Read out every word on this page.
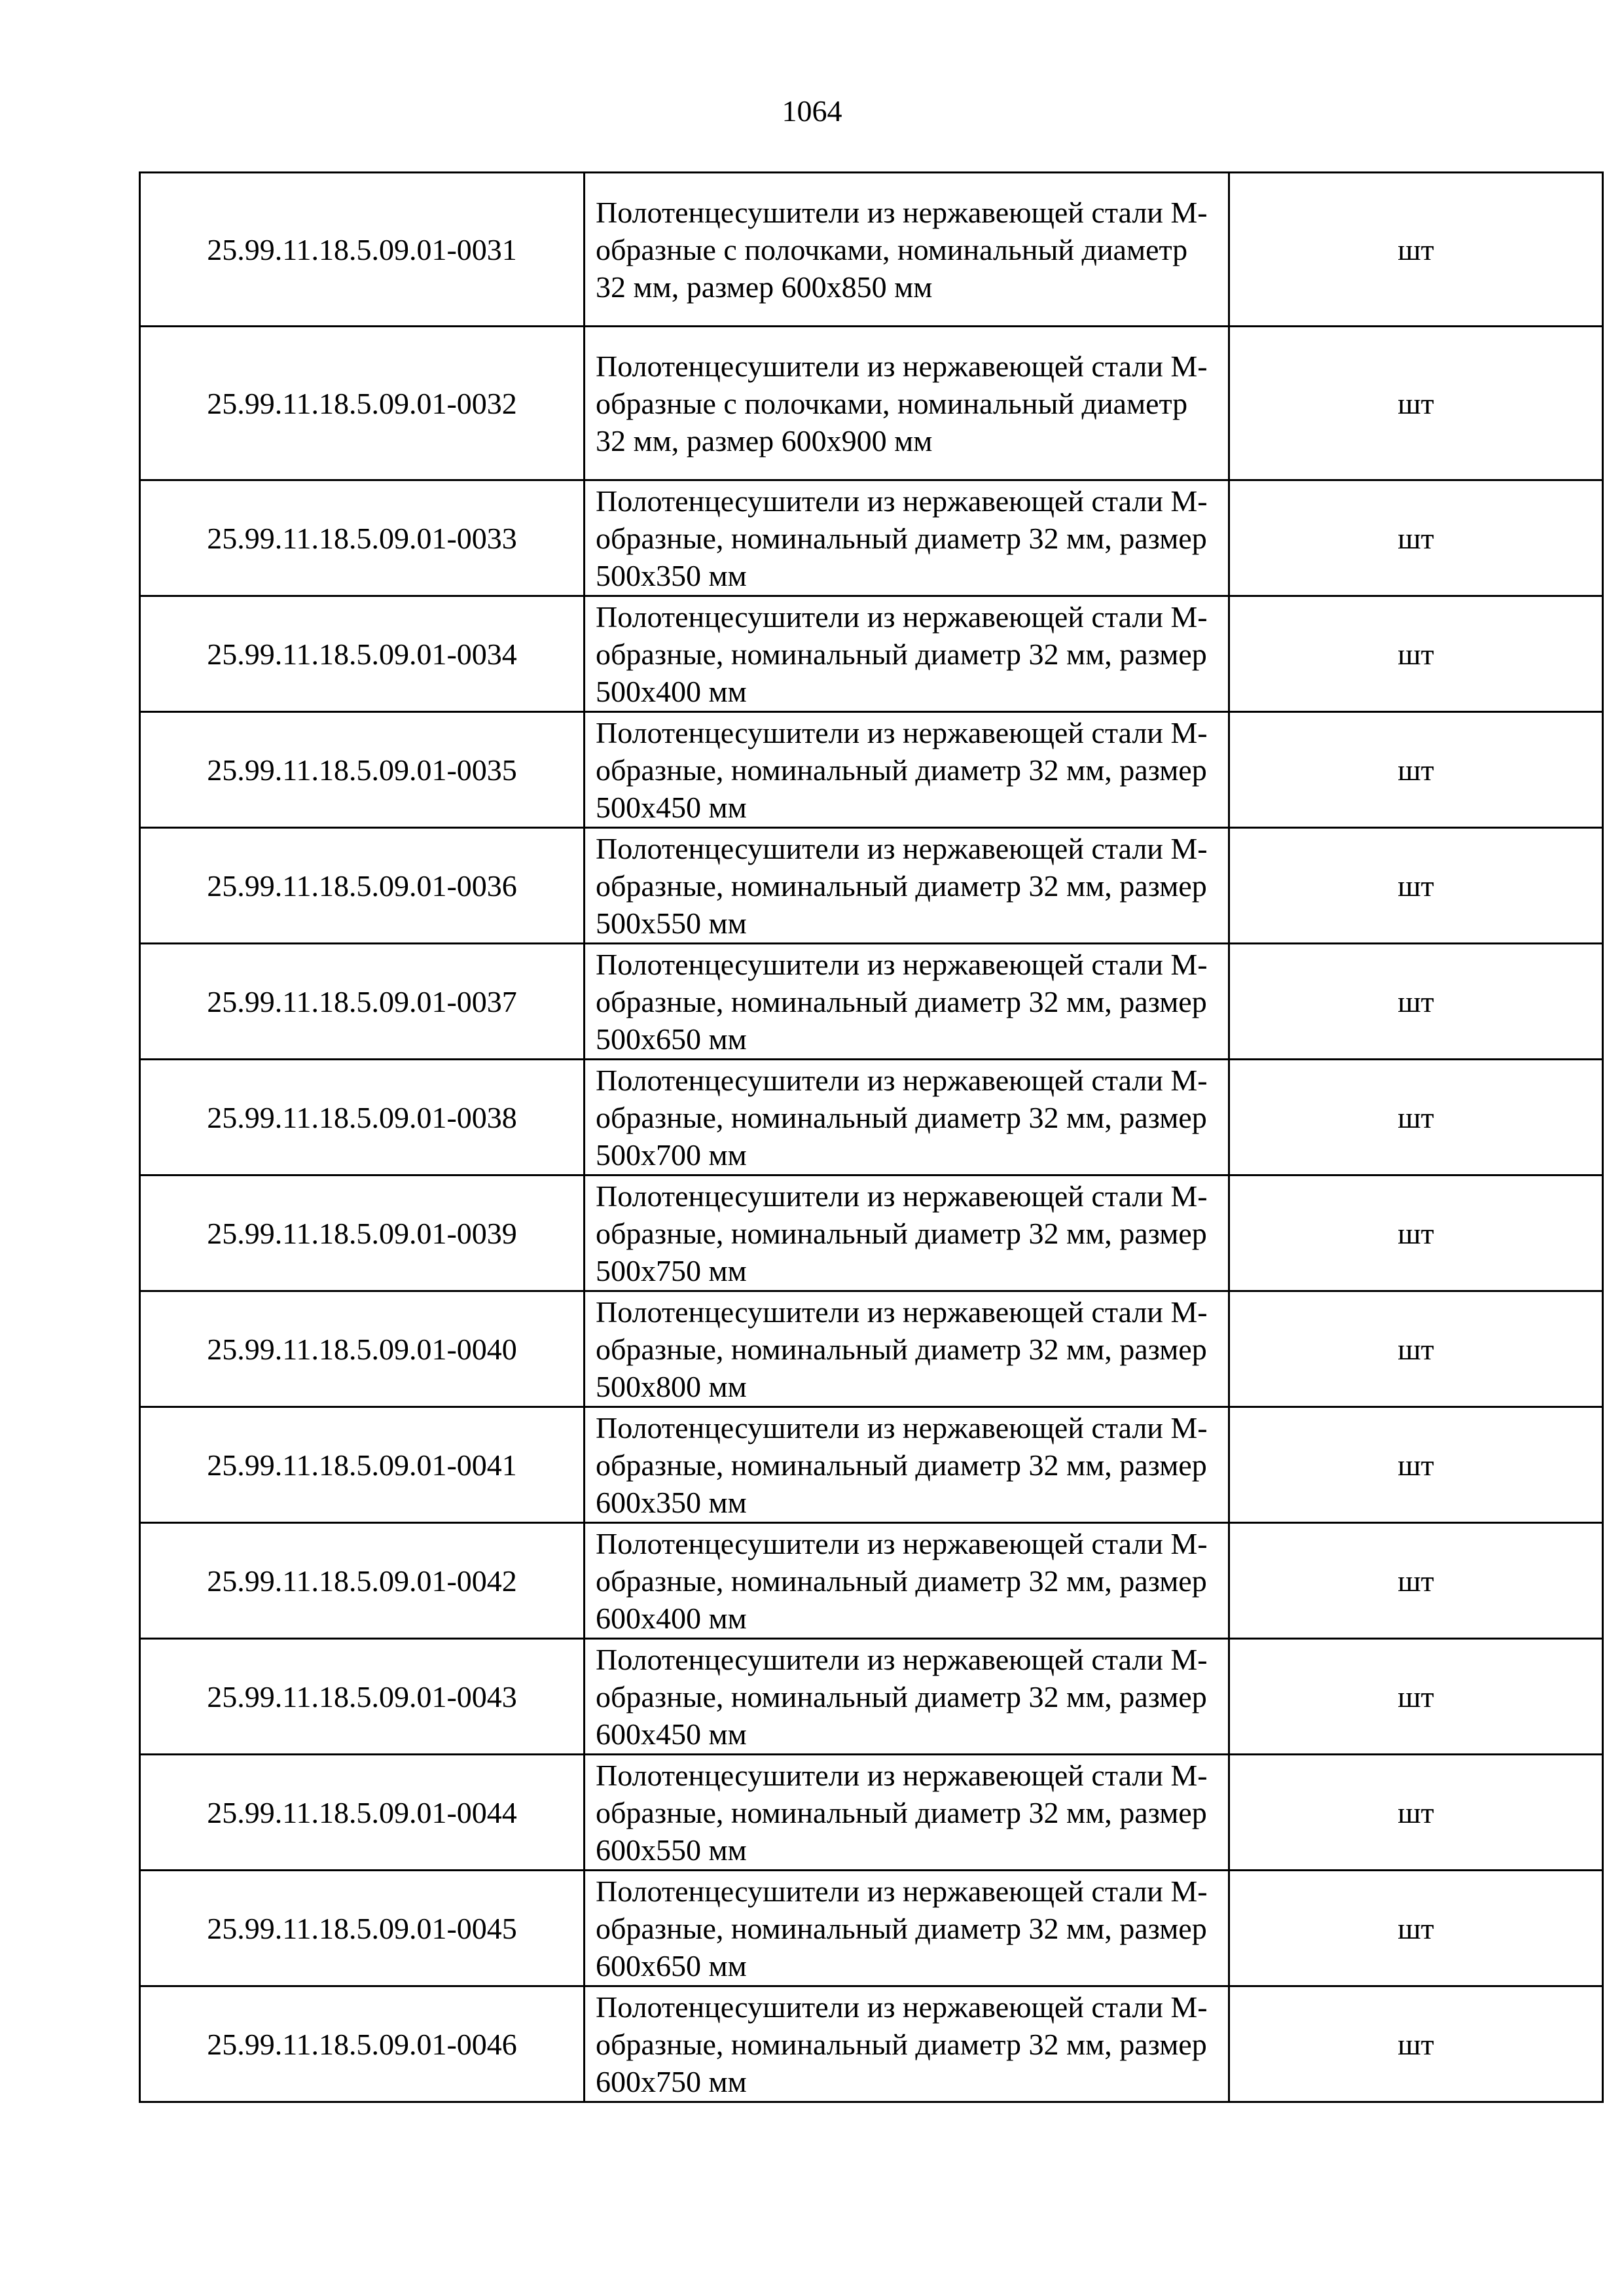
1064
25.99.11.18.5.09.01-0031	Полотенцесушители из нержавеющей стали М-образные с полочками, номинальный диаметр 32 мм, размер 600х850 мм	шт
25.99.11.18.5.09.01-0032	Полотенцесушители из нержавеющей стали М-образные с полочками, номинальный диаметр 32 мм, размер 600х900 мм	шт
25.99.11.18.5.09.01-0033	Полотенцесушители из нержавеющей стали М-образные, номинальный диаметр 32 мм, размер 500х350 мм	шт
25.99.11.18.5.09.01-0034	Полотенцесушители из нержавеющей стали М-образные, номинальный диаметр 32 мм, размер 500х400 мм	шт
25.99.11.18.5.09.01-0035	Полотенцесушители из нержавеющей стали М-образные, номинальный диаметр 32 мм, размер 500х450 мм	шт
25.99.11.18.5.09.01-0036	Полотенцесушители из нержавеющей стали М-образные, номинальный диаметр 32 мм, размер 500х550 мм	шт
25.99.11.18.5.09.01-0037	Полотенцесушители из нержавеющей стали М-образные, номинальный диаметр 32 мм, размер 500х650 мм	шт
25.99.11.18.5.09.01-0038	Полотенцесушители из нержавеющей стали М-образные, номинальный диаметр 32 мм, размер 500х700 мм	шт
25.99.11.18.5.09.01-0039	Полотенцесушители из нержавеющей стали М-образные, номинальный диаметр 32 мм, размер 500х750 мм	шт
25.99.11.18.5.09.01-0040	Полотенцесушители из нержавеющей стали М-образные, номинальный диаметр 32 мм, размер 500х800 мм	шт
25.99.11.18.5.09.01-0041	Полотенцесушители из нержавеющей стали М-образные, номинальный диаметр 32 мм, размер 600х350 мм	шт
25.99.11.18.5.09.01-0042	Полотенцесушители из нержавеющей стали М-образные, номинальный диаметр 32 мм, размер 600х400 мм	шт
25.99.11.18.5.09.01-0043	Полотенцесушители из нержавеющей стали М-образные, номинальный диаметр 32 мм, размер 600х450 мм	шт
25.99.11.18.5.09.01-0044	Полотенцесушители из нержавеющей стали М-образные, номинальный диаметр 32 мм, размер 600х550 мм	шт
25.99.11.18.5.09.01-0045	Полотенцесушители из нержавеющей стали М-образные, номинальный диаметр 32 мм, размер 600х650 мм	шт
25.99.11.18.5.09.01-0046	Полотенцесушители из нержавеющей стали М-образные, номинальный диаметр 32 мм, размер 600х750 мм	шт
